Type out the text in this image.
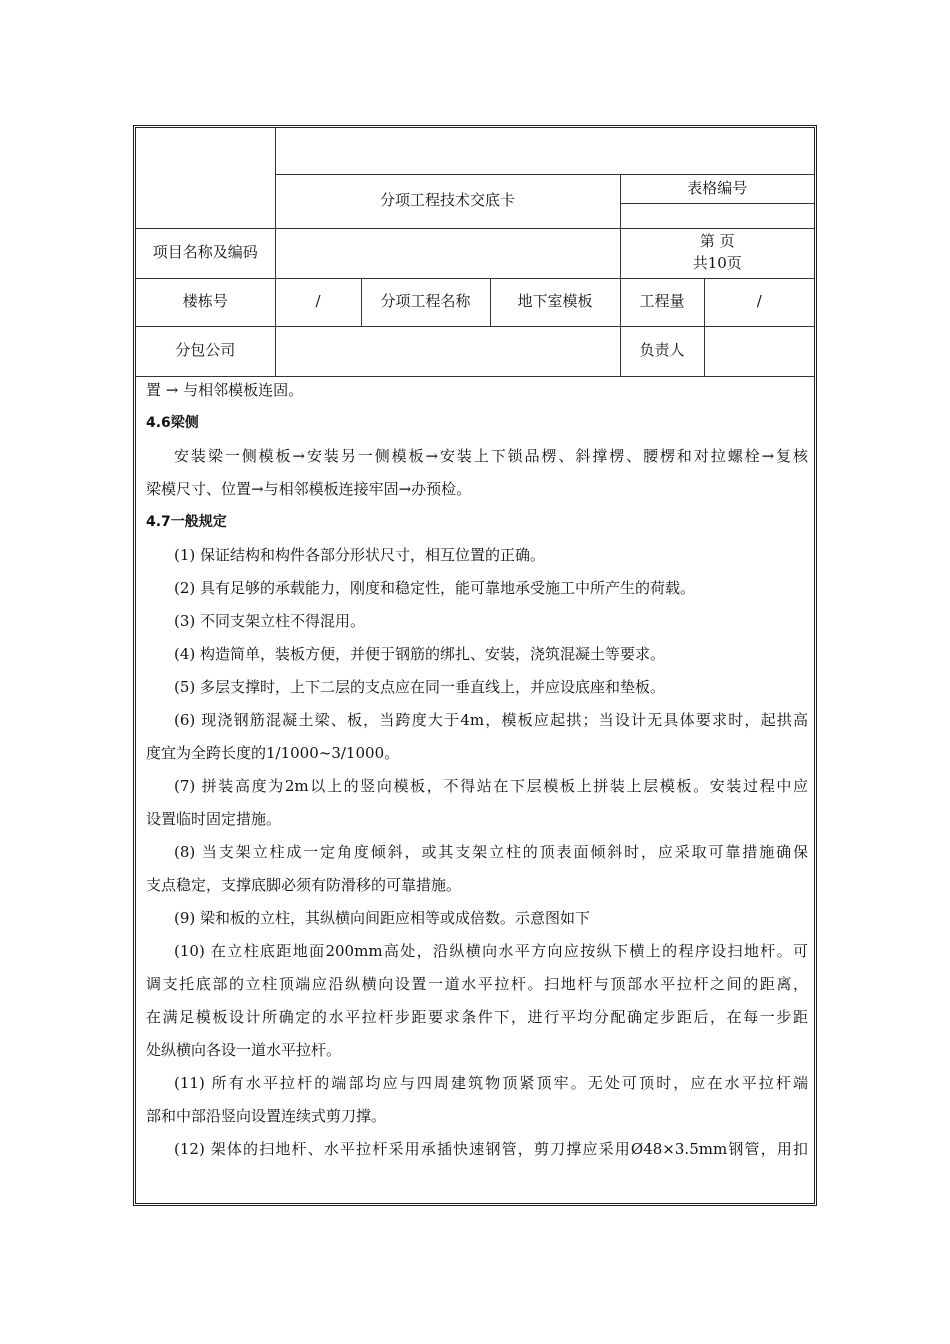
	分项工程技术交底卡			表格编号	

项目名称及编码				第 页
共10页	

楼栋号	/	分项工程名称	地下室模板	工程量	/
分包公司				负责人	
置 → 与相邻模板连固。
4.6梁侧
安装梁一侧模板→安装另一侧模板→安装上下锁品楞、斜撑楞、腰楞和对拉螺栓→复核
梁模尺寸、位置→与相邻模板连接牢固→办预检。
4.7一般规定
(1) 保证结构和构件各部分形状尺寸，相互位置的正确。
(2) 具有足够的承载能力，刚度和稳定性，能可靠地承受施工中所产生的荷载。
(3) 不同支架立柱不得混用。
(4) 构造简单，装板方便，并便于钢筋的绑扎、安装，浇筑混凝土等要求。
(5) 多层支撑时，上下二层的支点应在同一垂直线上，并应设底座和垫板。
(6) 现浇钢筋混凝土梁、板，当跨度大于4m，模板应起拱；当设计无具体要求时，起拱高
度宜为全跨长度的1/1000~3/1000。
(7) 拼装高度为2m以上的竖向模板，不得站在下层模板上拼装上层模板。安装过程中应
设置临时固定措施。
(8) 当支架立柱成一定角度倾斜，或其支架立柱的顶表面倾斜时，应采取可靠措施确保
支点稳定，支撑底脚必须有防滑移的可靠措施。
(9) 梁和板的立柱，其纵横向间距应相等或成倍数。示意图如下
(10) 在立柱底距地面200mm高处，沿纵横向水平方向应按纵下横上的程序设扫地杆。可
调支托底部的立柱顶端应沿纵横向设置一道水平拉杆。扫地杆与顶部水平拉杆之间的距离，
在满足模板设计所确定的水平拉杆步距要求条件下，进行平均分配确定步距后，在每一步距
处纵横向各设一道水平拉杆。
(11) 所有水平拉杆的端部均应与四周建筑物顶紧顶牢。无处可顶时，应在水平拉杆端
部和中部沿竖向设置连续式剪刀撑。
(12) 架体的扫地杆、水平拉杆采用承插快速钢管，剪刀撑应采用Ø48×3.5mm钢管，用扣
